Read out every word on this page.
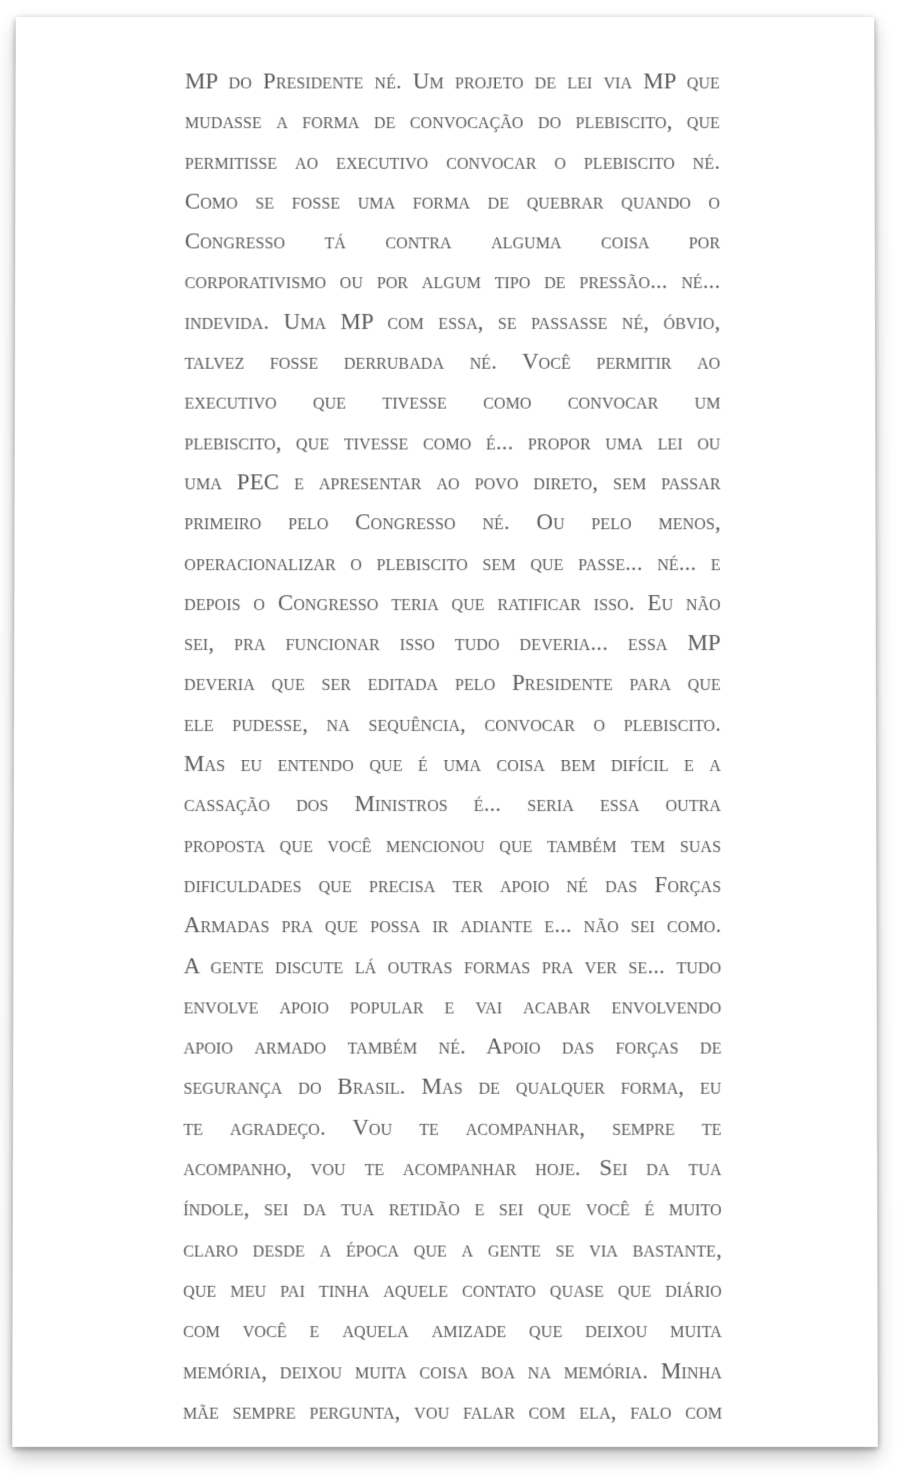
MP do Presidente né. Um projeto de lei via MP que
mudasse a forma de convocação do plebiscito, que
permitisse ao executivo convocar o plebiscito né.
Como se fosse uma forma de quebrar quando o
Congresso tá contra alguma coisa por
corporativismo ou por algum tipo de pressão... né...
indevida. Uma MP com essa, se passasse né, óbvio,
talvez fosse derrubada né. Você permitir ao
executivo que tivesse como convocar um
plebiscito, que tivesse como é... propor uma lei ou
uma PEC e apresentar ao povo direto, sem passar
primeiro pelo Congresso né. Ou pelo menos,
operacionalizar o plebiscito sem que passe... né... e
depois o Congresso teria que ratificar isso. Eu não
sei, pra funcionar isso tudo deveria... essa MP
deveria que ser editada pelo Presidente para que
ele pudesse, na sequência, convocar o plebiscito.
Mas eu entendo que é uma coisa bem difícil e a
cassação dos Ministros é... seria essa outra
proposta que você mencionou que também tem suas
dificuldades que precisa ter apoio né das Forças
Armadas pra que possa ir adiante e... não sei como.
A gente discute lá outras formas pra ver se... tudo
envolve apoio popular e vai acabar envolvendo
apoio armado também né. Apoio das forças de
segurança do Brasil. Mas de qualquer forma, eu
te agradeço. Vou te acompanhar, sempre te
acompanho, vou te acompanhar hoje. Sei da tua
índole, sei da tua retidão e sei que você é muito
claro desde a época que a gente se via bastante,
que meu pai tinha aquele contato quase que diário
com você e aquela amizade que deixou muita
memória, deixou muita coisa boa na memória. Minha
mãe sempre pergunta, vou falar com ela, falo com
